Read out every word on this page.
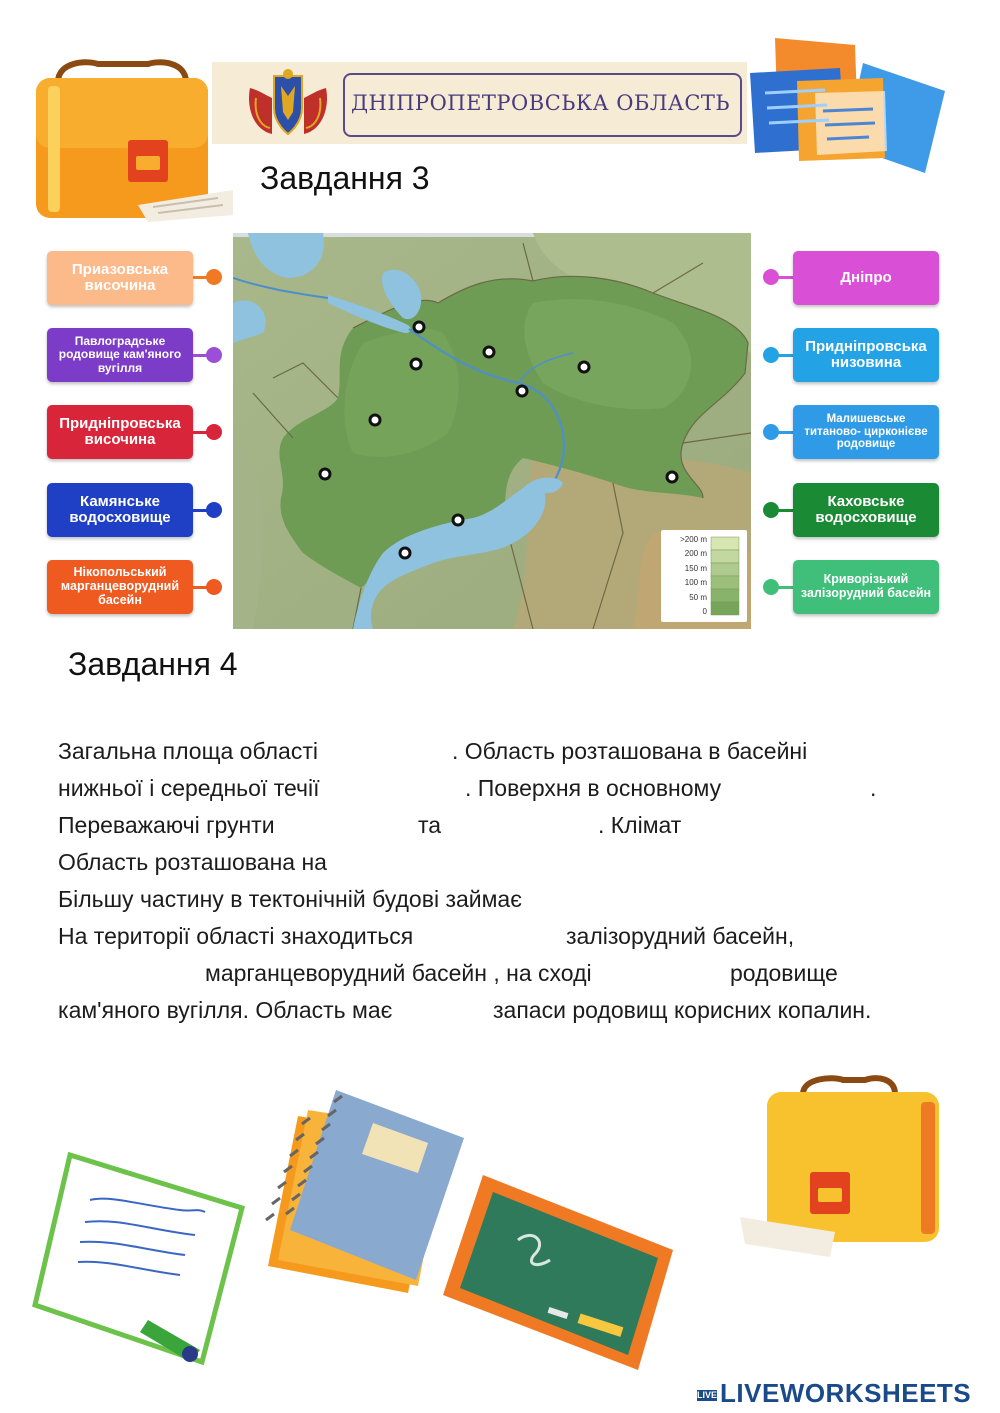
ДНІПРОПЕТРОВСЬКА ОБЛАСТЬ
Завдання 3
>200 m
200 m
150 m
100 m
50 m
0
Приазовська височина
Павлоградське родовище кам'яного вугілля
Придніпровська височина
Камянське водосховище
Нікопольський марганцеворудний басейн
Дніпро
Придніпровська низовина
Малишевське титаново- цирконієве родовище
Каховське водосховище
Криворізький залізорудний басейн
Завдання 4
Загальна площа області	. Область розташована в басейні
нижньої і середньої течії	. Поверхня в основному	.
Переважаючі грунти	та	. Клімат
Область розташована на
Більшу частину в тектонічній будові займає
На території області знаходиться	залізорудний басейн,
марганцеворудний басейн , на сході	родовище
кам'яного вугілля. Область має	запаси родовищ корисних копалин.
LIVE LIVEWORKSHEETS
